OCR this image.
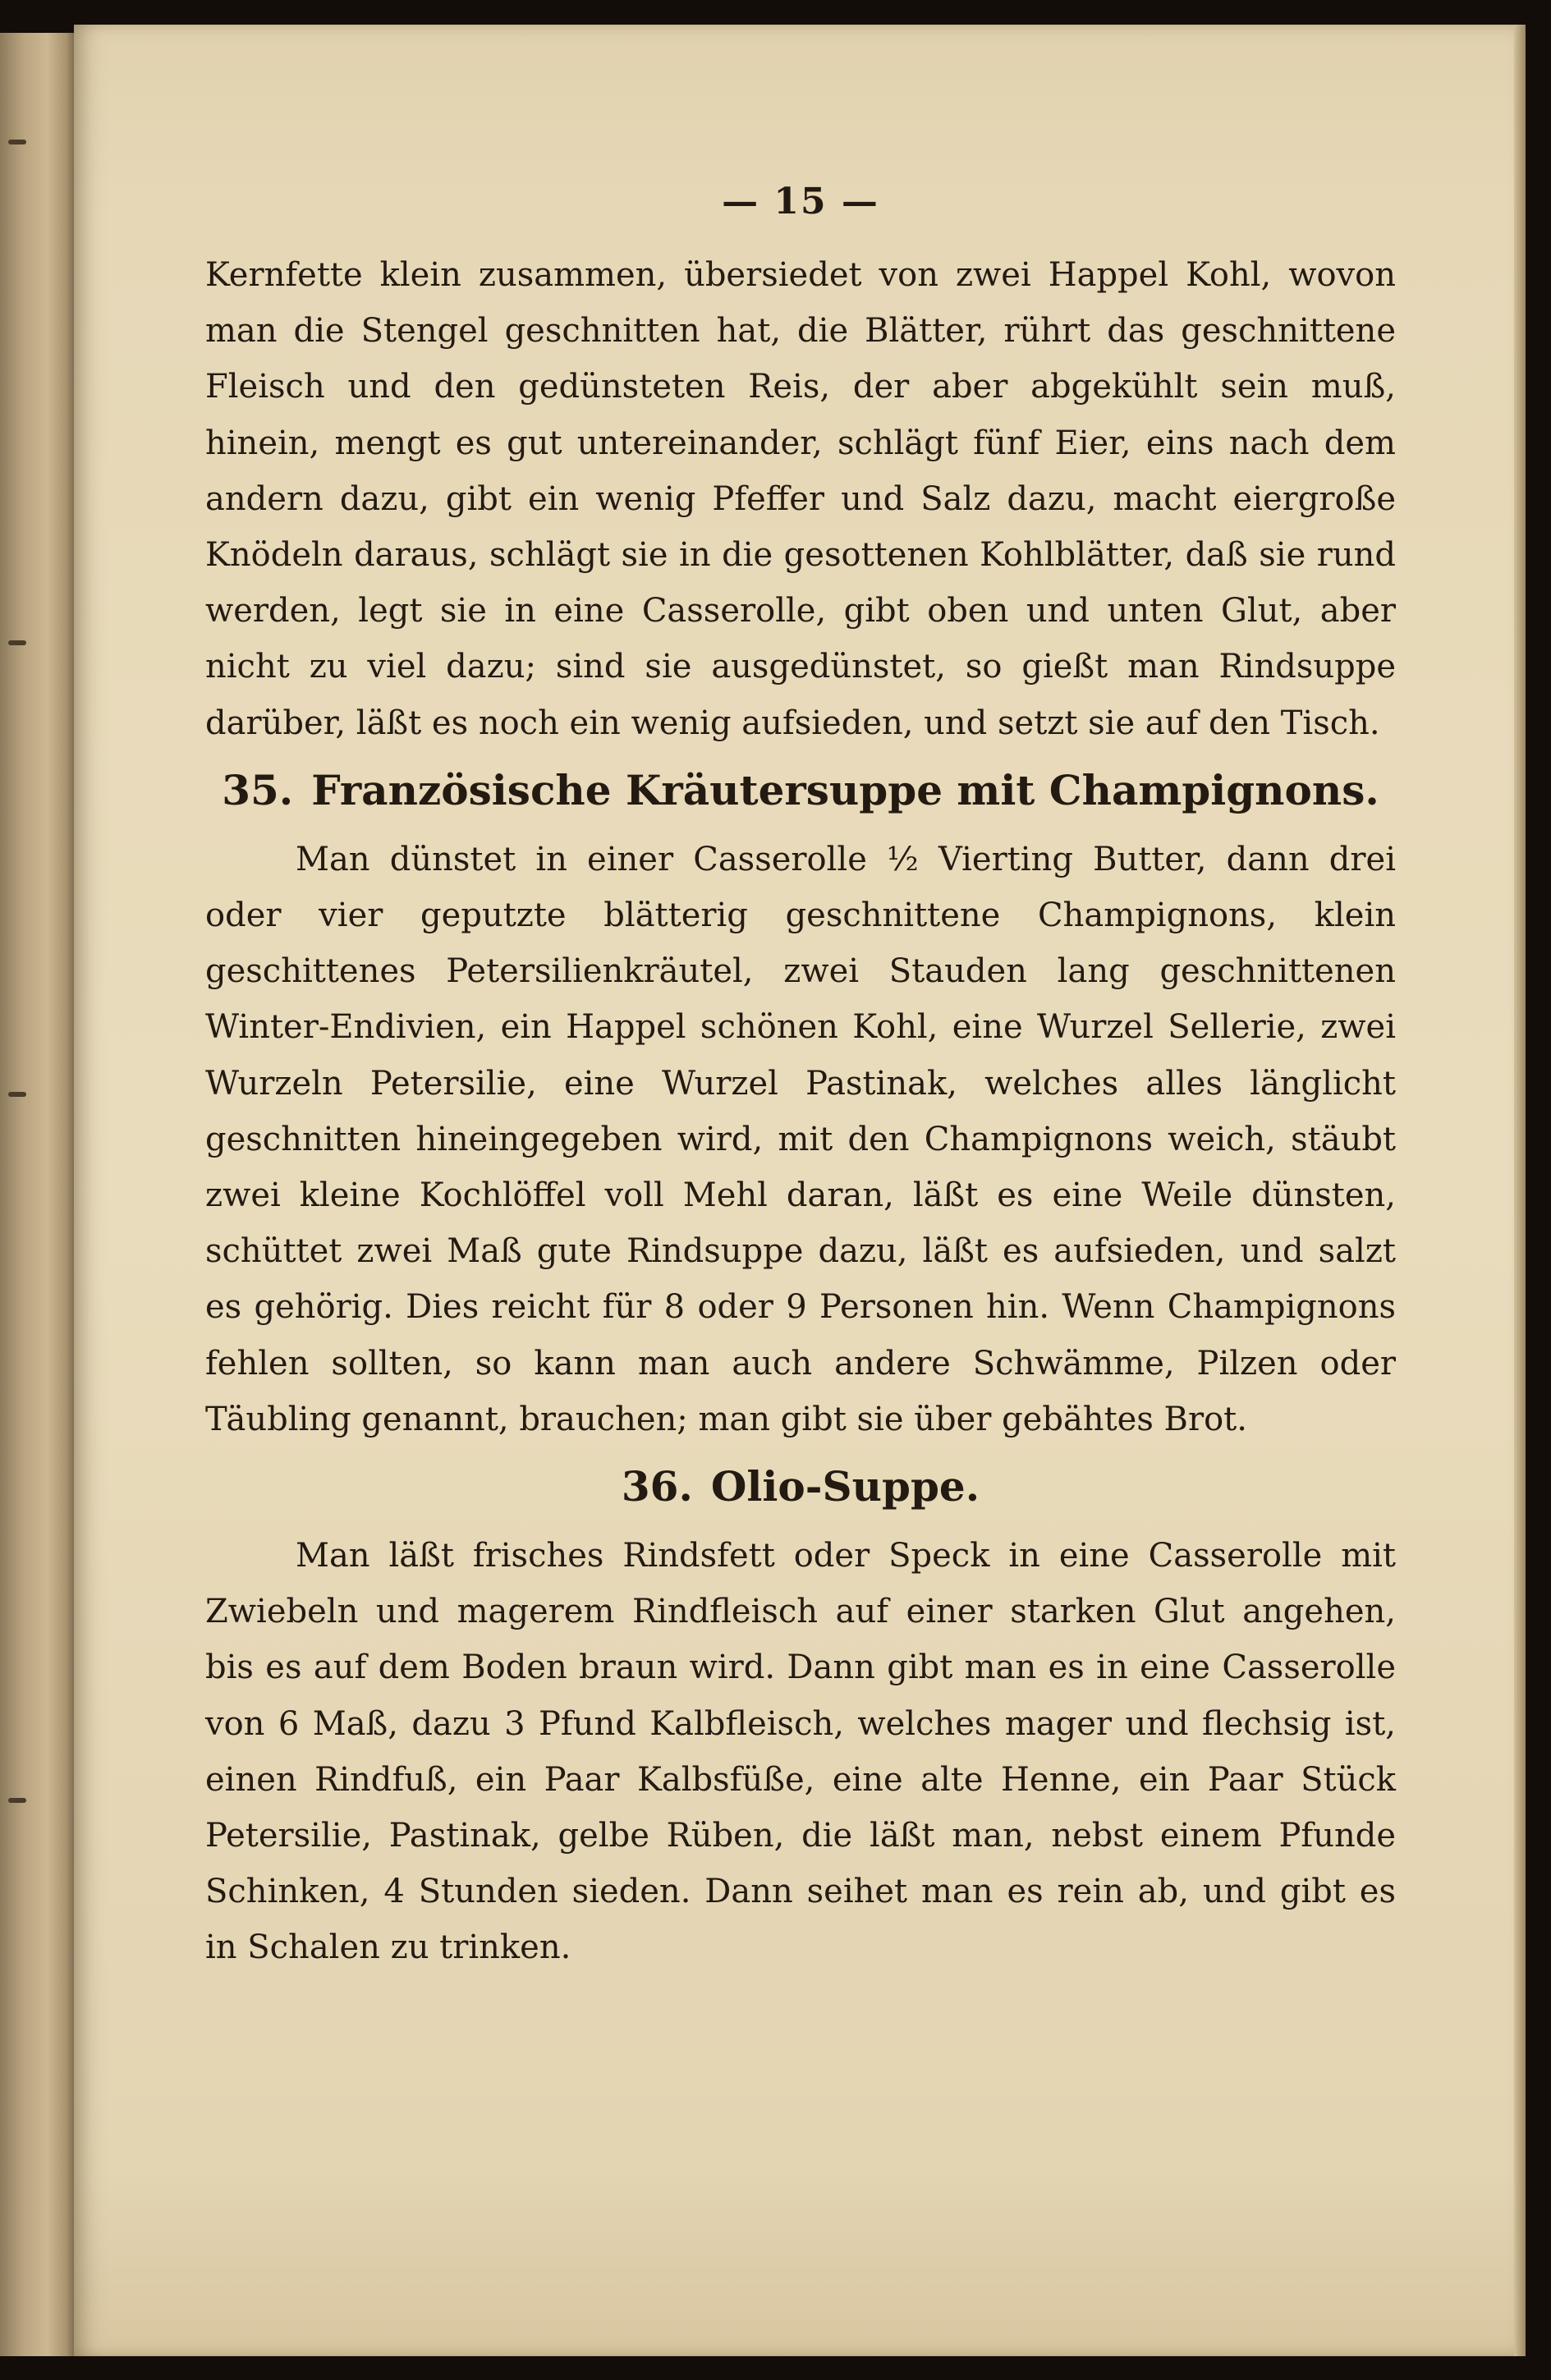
— 15 —

Kernfette klein zusammen, übersiedet von zwei Happel Kohl, wovon man die Stengel geschnitten hat, die Blätter, rührt das geschnittene Fleisch und den gedünsteten Reis, der aber abgekühlt sein muß, hinein, mengt es gut untereinander, schlägt fünf Eier, eins nach dem andern dazu, gibt ein wenig Pfeffer und Salz dazu, macht eiergroße Knödeln daraus, schlägt sie in die gesottenen Kohlblätter, daß sie rund werden, legt sie in eine Casserolle, gibt oben und unten Glut, aber nicht zu viel dazu; sind sie ausgedünstet, so gießt man Rindsuppe darüber, läßt es noch ein wenig aufsieden, und setzt sie auf den Tisch.

35. Französische Kräutersuppe mit Champignons.

Man dünstet in einer Casserolle ½ Vierting Butter, dann drei oder vier geputzte blätterig geschnittene Champignons, klein geschittenes Petersilienkräutel, zwei Stauden lang geschnittenen Winter-Endivien, ein Happel schönen Kohl, eine Wurzel Sellerie, zwei Wurzeln Petersilie, eine Wurzel Pastinak, welches alles länglicht geschnitten hineingegeben wird, mit den Champignons weich, stäubt zwei kleine Kochlöffel voll Mehl daran, läßt es eine Weile dünsten, schüttet zwei Maß gute Rindsuppe dazu, läßt es aufsieden, und salzt es gehörig. Dies reicht für 8 oder 9 Personen hin. Wenn Champignons fehlen sollten, so kann man auch andere Schwämme, Pilzen oder Täubling genannt, brauchen; man gibt sie über gebähtes Brot.

36. Olio-Suppe.

Man läßt frisches Rindsfett oder Speck in eine Casserolle mit Zwiebeln und magerem Rindfleisch auf einer starken Glut angehen, bis es auf dem Boden braun wird. Dann gibt man es in eine Casserolle von 6 Maß, dazu 3 Pfund Kalbfleisch, welches mager und flechsig ist, einen Rindfuß, ein Paar Kalbsfüße, eine alte Henne, ein Paar Stück Petersilie, Pastinak, gelbe Rüben, die läßt man, nebst einem Pfunde Schinken, 4 Stunden sieden. Dann seihet man es rein ab, und gibt es in Schalen zu trinken.
